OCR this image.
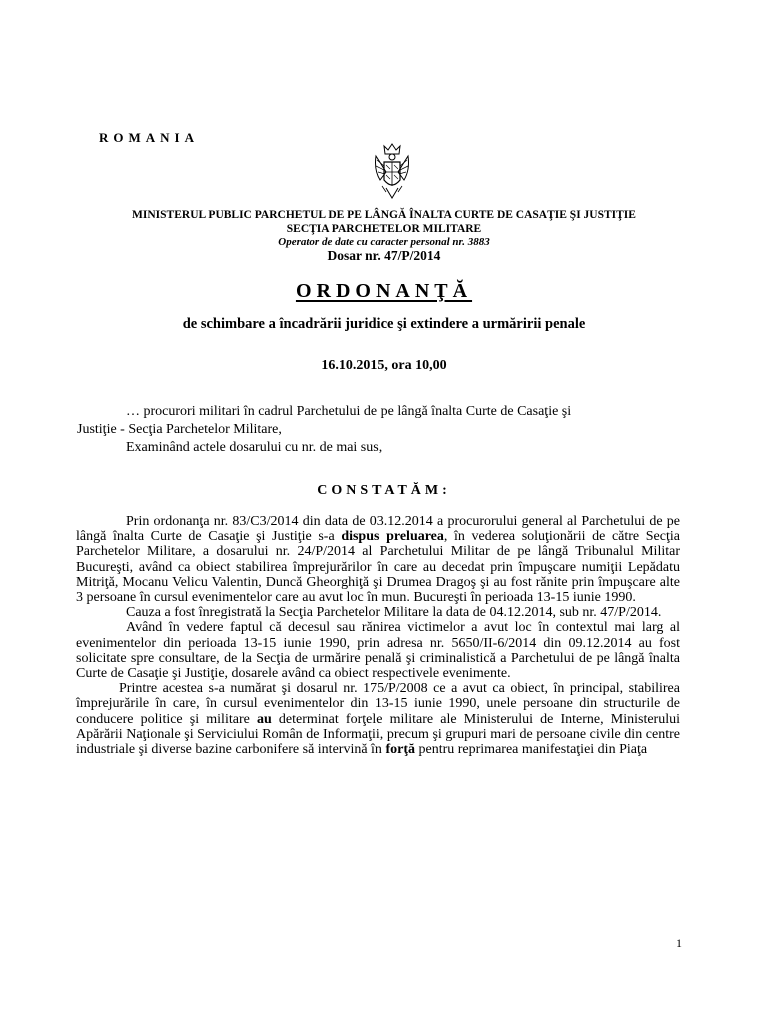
ROMANIA
MINISTERUL PUBLIC PARCHETUL DE PE LÂNGĂ ÎNALTA CURTE DE CASAŢIE ŞI JUSTIŢIE
SECŢIA PARCHETELOR MILITARE
Operator de date cu caracter personal nr. 3883
Dosar nr. 47/P/2014
ORDONANŢĂ
de schimbare a încadrării juridice şi extindere a urmăririi penale
16.10.2015, ora 10,00
… procurori militari în cadrul Parchetului de pe lângă înalta Curte de Casaţie şi
Justiţie - Secţia Parchetelor Militare,
Examinând actele dosarului cu nr. de mai sus,
CONSTATĂM:

Prin ordonanţa nr. 83/C3/2014 din data de 03.12.2014 a procurorului general al Parchetului de pe lângă înalta Curte de Casaţie şi Justiţie s-a dispus preluarea, în vederea soluţionării de către Secţia Parchetelor Militare, a dosarului nr. 24/P/2014 al Parchetului Militar de pe lângă Tribunalul Militar Bucureşti, având ca obiect stabilirea împrejurărilor în care au decedat prin împuşcare numiţii Lepădatu Mitriţă, Mocanu Velicu Valentin, Duncă Gheorghiţă şi Drumea Dragoş şi au fost rănite prin împuşcare alte 3 persoane în cursul evenimentelor care au avut loc în mun. Bucureşti în perioada 13-15 iunie 1990.

Cauza a fost înregistrată la Secţia Parchetelor Militare la data de 04.12.2014, sub nr. 47/P/2014.

Având în vedere faptul că decesul sau rănirea victimelor a avut loc în contextul mai larg al evenimentelor din perioada 13-15 iunie 1990, prin adresa nr. 5650/II-6/2014 din 09.12.2014 au fost solicitate spre consultare, de la Secţia de urmărire penală şi criminalistică a Parchetului de pe lângă înalta Curte de Casaţie şi Justiţie, dosarele având ca obiect respectivele evenimente.

Printre acestea s-a numărat şi dosarul nr. 175/P/2008 ce a avut ca obiect, în principal, stabilirea împrejurările în care, în cursul evenimentelor din 13-15 iunie 1990, unele persoane din structurile de conducere politice şi militare au determinat forţele militare ale Ministerului de Interne, Ministerului Apărării Naţionale şi Serviciului Român de Informaţii, precum şi grupuri mari de persoane civile din centre industriale şi diverse bazine carbonifere să intervină în forţă pentru reprimarea manifestaţiei din Piaţa

1
